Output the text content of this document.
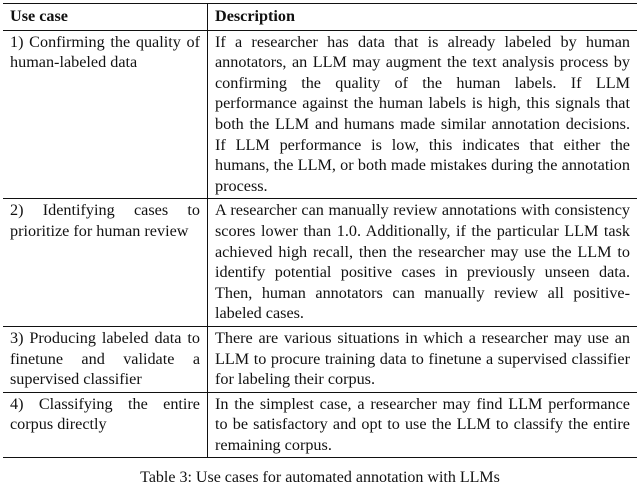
Use case	Description
1) Confirming the quality of human-labeled data	If a researcher has data that is already labeled by human annotators, an LLM may augment the text analysis process by confirming the quality of the human labels. If LLM performance against the human labels is high, this signals that both the LLM and humans made similar annotation decisions. If LLM performance is low, this indicates that either the humans, the LLM, or both made mistakes during the annotation process.
2) Identifying cases to prioritize for human review	A researcher can manually review annotations with consistency scores lower than 1.0. Additionally, if the particular LLM task achieved high recall, then the researcher may use the LLM to identify potential positive cases in previously unseen data. Then, human annotators can manually review all positive-labeled cases.
3) Producing labeled data to finetune and validate a supervised classifier	There are various situations in which a researcher may use an LLM to procure training data to finetune a supervised classifier for labeling their corpus.
4) Classifying the entire corpus directly	In the simplest case, a researcher may find LLM performance to be satisfactory and opt to use the LLM to classify the entire remaining corpus.
Table 3: Use cases for automated annotation with LLMs
